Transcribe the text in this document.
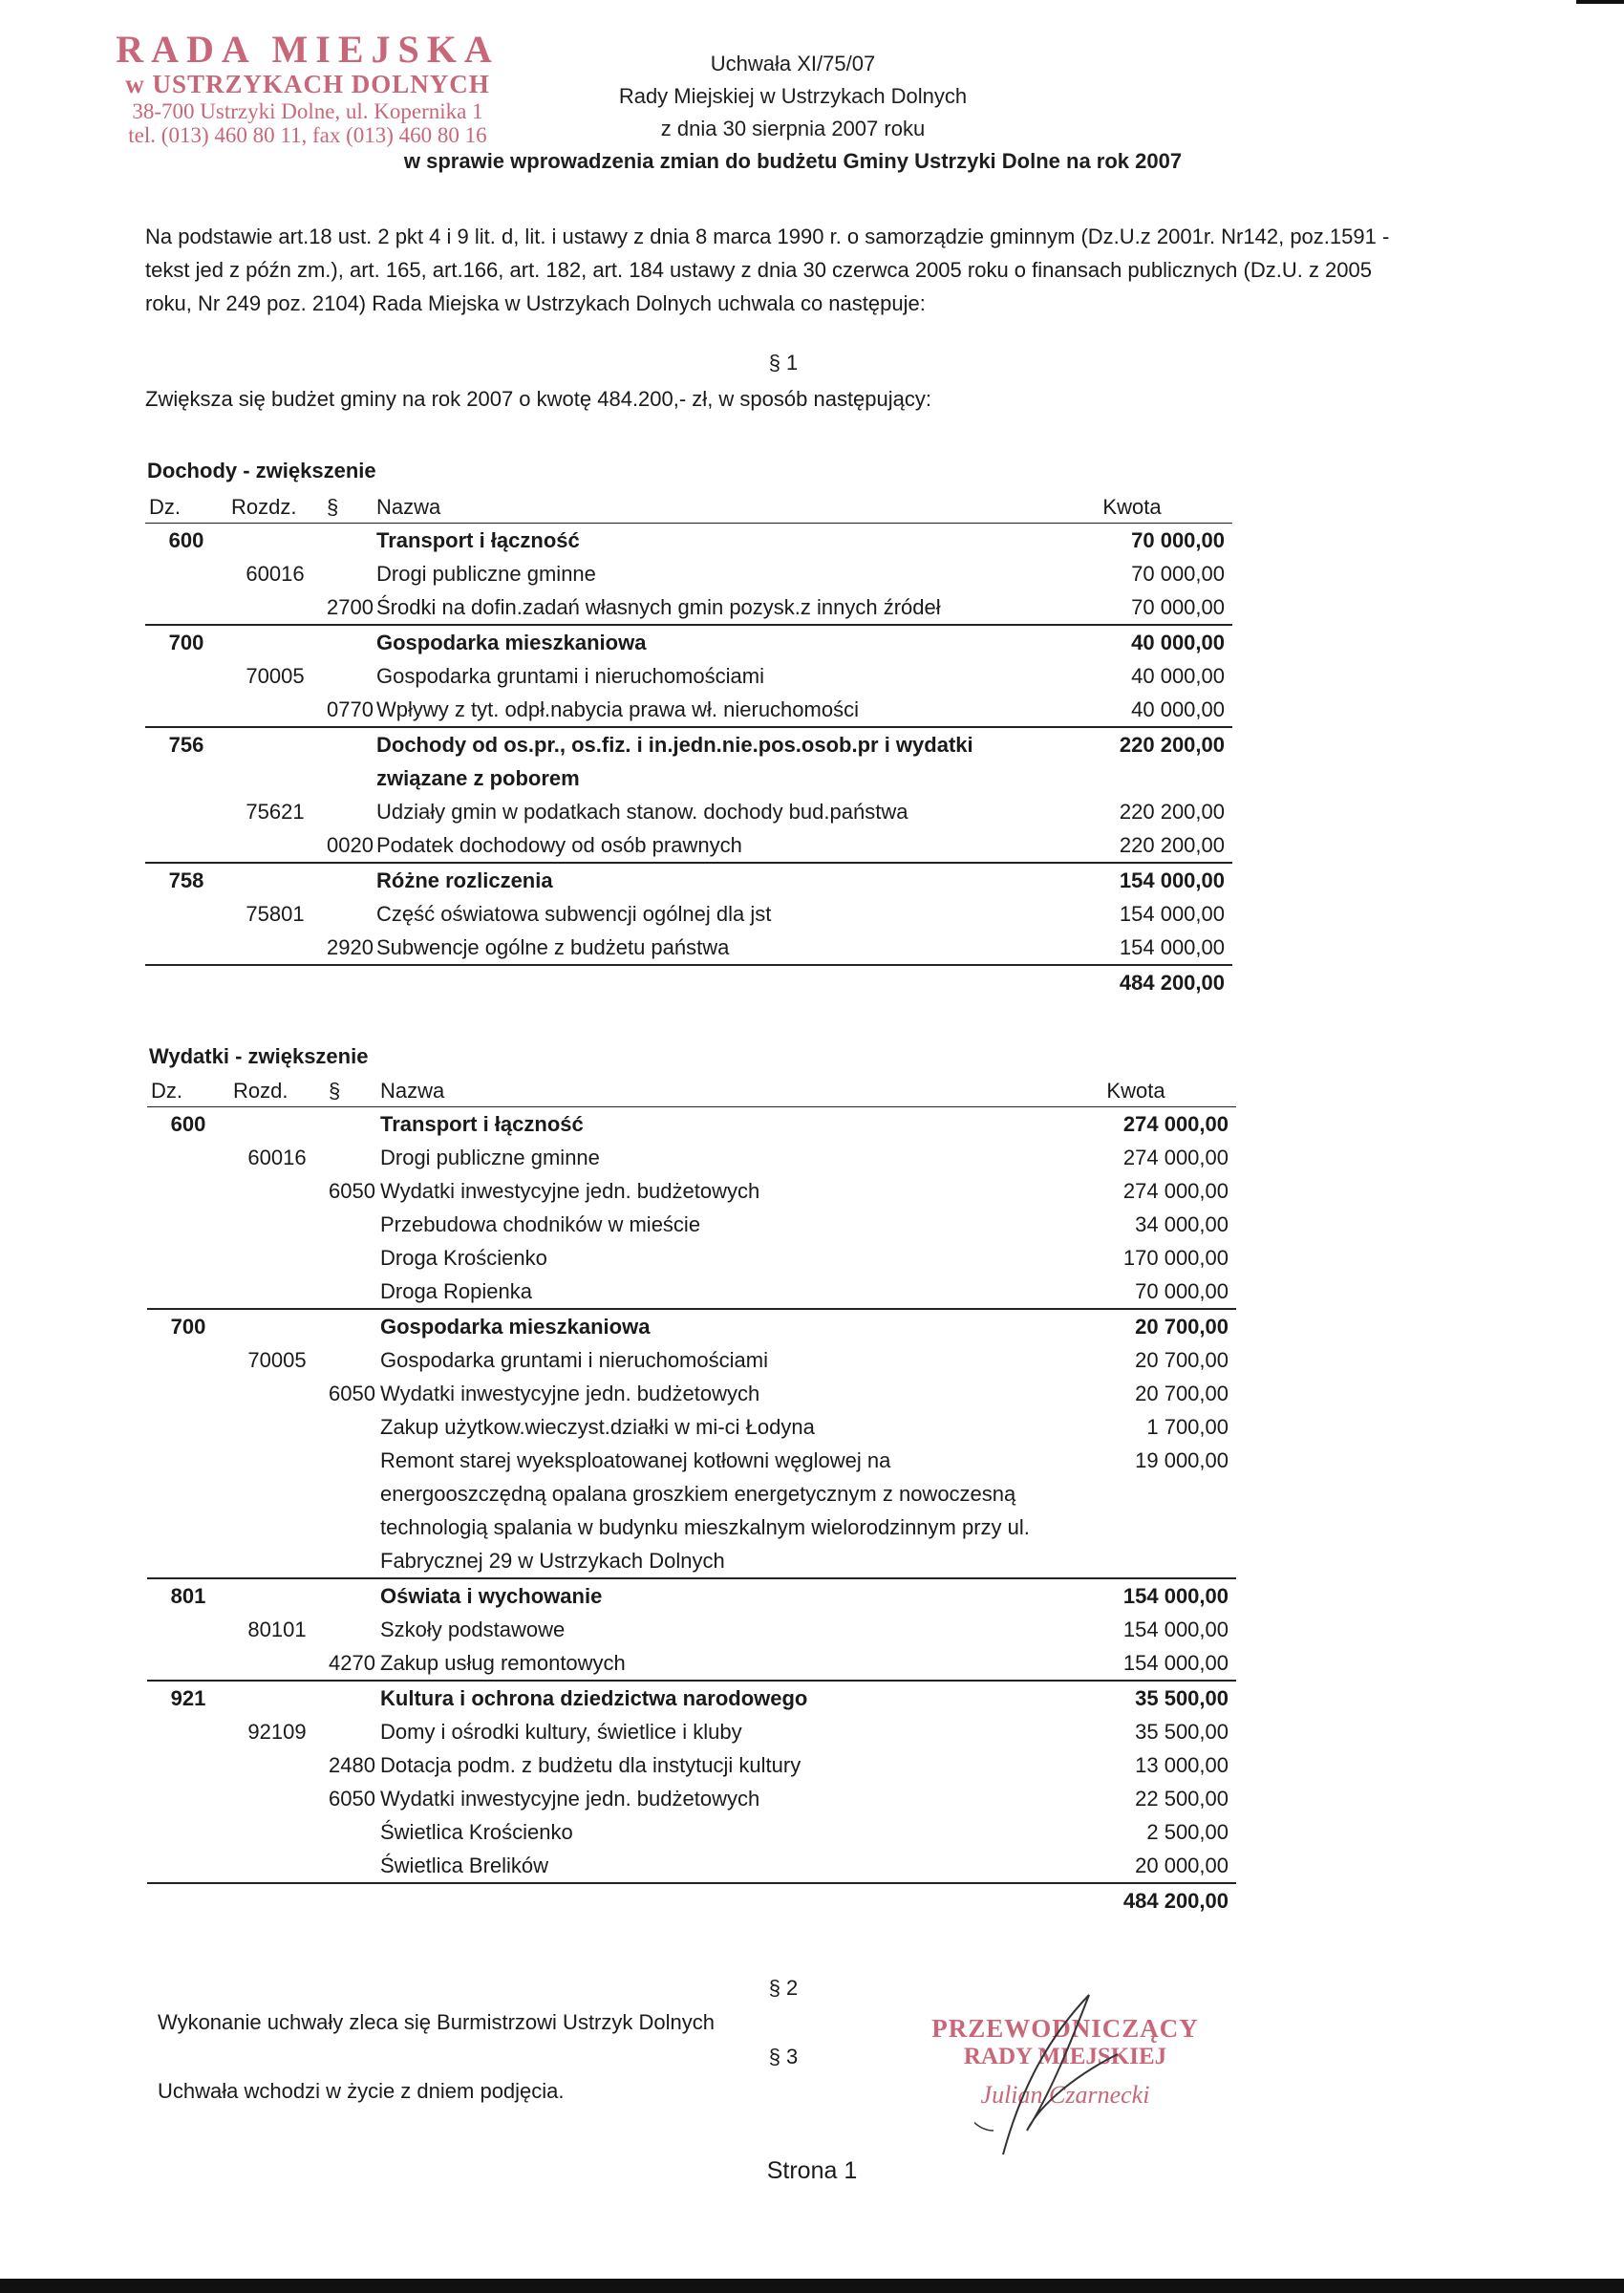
RADA MIEJSKA
w USTRZYKACH DOLNYCH
38-700 Ustrzyki Dolne, ul. Kopernika 1
tel. (013) 460 80 11, fax (013) 460 80 16
Uchwała XI/75/07
Rady Miejskiej w Ustrzykach Dolnych
z dnia 30 sierpnia 2007 roku
w sprawie wprowadzenia zmian do budżetu Gminy Ustrzyki Dolne na rok 2007
Na podstawie art.18 ust. 2 pkt 4 i 9 lit. d, lit. i ustawy z dnia 8 marca 1990 r. o samorządzie gminnym (Dz.U.z 2001r. Nr142, poz.1591 - tekst jed z późn zm.), art. 165, art.166, art. 182, art. 184 ustawy z dnia 30 czerwca 2005 roku o finansach publicznych (Dz.U. z 2005 roku, Nr 249 poz. 2104) Rada Miejska w Ustrzykach Dolnych uchwala co następuje:
§ 1
Zwiększa się budżet gminy na rok 2007 o kwotę 484.200,- zł, w sposób następujący:
Dochody - zwiększenie
Dz.	Rozdz.	§	Nazwa	Kwota
600			Transport i łączność	70 000,00
	60016		Drogi publiczne gminne	70 000,00
		2700	Środki na dofin.zadań własnych gmin pozysk.z innych źródeł	70 000,00
700			Gospodarka mieszkaniowa	40 000,00
	70005		Gospodarka gruntami i nieruchomościami	40 000,00
		0770	Wpływy z tyt. odpł.nabycia prawa wł. nieruchomości	40 000,00
756			Dochody od os.pr., os.fiz. i in.jedn.nie.pos.osob.pr i wydatki związane z poborem	220 200,00
	75621		Udziały gmin w podatkach stanow. dochody bud.państwa	220 200,00
		0020	Podatek dochodowy od osób prawnych	220 200,00
758			Różne rozliczenia	154 000,00
	75801		Część oświatowa subwencji ogólnej dla jst	154 000,00
		2920	Subwencje ogólne z budżetu państwa	154 000,00
				484 200,00
Wydatki - zwiększenie
Dz.	Rozd.	§	Nazwa	Kwota
600			Transport i łączność	274 000,00
	60016		Drogi publiczne gminne	274 000,00
		6050	Wydatki inwestycyjne jedn. budżetowych	274 000,00
			Przebudowa chodników w mieście	34 000,00
			Droga Krościenko	170 000,00
			Droga Ropienka	70 000,00
700			Gospodarka mieszkaniowa	20 700,00
	70005		Gospodarka gruntami i nieruchomościami	20 700,00
		6050	Wydatki inwestycyjne jedn. budżetowych	20 700,00
			Zakup użytkow.wieczyst.działki w mi-ci Łodyna	1 700,00
			Remont starej wyeksploatowanej kotłowni węglowej na energooszczędną opalana groszkiem energetycznym z nowoczesną technologią spalania w budynku mieszkalnym wielorodzinnym przy ul. Fabrycznej 29 w Ustrzykach Dolnych	19 000,00
801			Oświata i wychowanie	154 000,00
	80101		Szkoły podstawowe	154 000,00
		4270	Zakup usług remontowych	154 000,00
921			Kultura i ochrona dziedzictwa narodowego	35 500,00
	92109		Domy i ośrodki kultury, świetlice i kluby	35 500,00
		2480	Dotacja podm. z budżetu dla instytucji kultury	13 000,00
		6050	Wydatki inwestycyjne jedn. budżetowych	22 500,00
			Świetlica Krościenko	2 500,00
			Świetlica Brelików	20 000,00
				484 200,00
§ 2
Wykonanie uchwały zleca się Burmistrzowi Ustrzyk Dolnych
§ 3
Uchwała wchodzi w życie z dniem podjęcia.
PRZEWODNICZĄCY
RADY MIEJSKIEJ
Julian Czarnecki
Strona 1
